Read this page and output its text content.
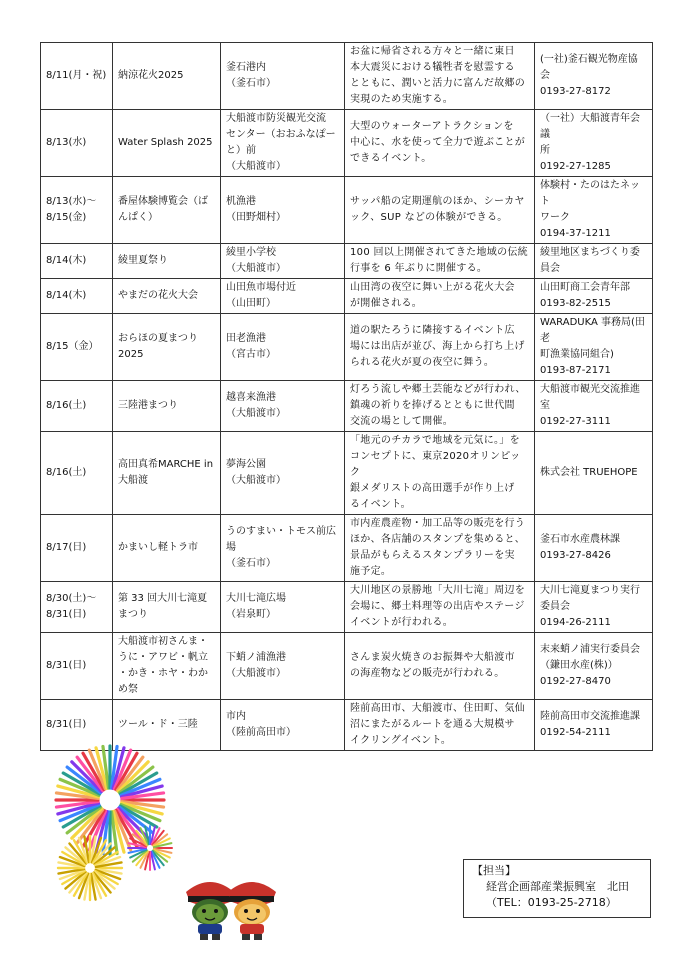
8/11(月・祝)	納涼花火2025	釜石港内
（釜石市）	お盆に帰省される方々と一緒に東日
本大震災における犠牲者を慰霊する
とともに、潤いと活力に富んだ故郷の
実現のため実施する。	(一社)釜石観光物産協
会
0193-27-8172

8/13(水)	Water Splash 2025	大船渡市防災観光交流
センター（おおふなぽー
と）前
（大船渡市）	大型のウォーターアトラクションを
中心に、水を使って全力で遊ぶことが
できるイベント。	（一社）大船渡青年会議
所
0192-27-1285

8/13(水)～
8/15(金)	番屋体験博覧会（ば
んぱく）	机漁港
（田野畑村）	サッパ船の定期運航のほか、シーカヤ
ック、SUP などの体験ができる。	体験村・たのはたネット
ワーク
0194-37-1211

8/14(木)	綾里夏祭り	綾里小学校
（大船渡市）	100 回以上開催されてきた地域の伝統
行事を 6 年ぶりに開催する。	綾里地区まちづくり委
員会

8/14(木)	やまだの花火大会	山田魚市場付近
（山田町）	山田湾の夜空に舞い上がる花火大会
が開催される。	山田町商工会青年部
0193-82-2515

8/15（金）	おらほの夏まつり
2025	田老漁港
（宮古市）	道の駅たろうに隣接するイベント広
場には出店が並び、海上から打ち上げ
られる花火が夏の夜空に舞う。	WARADUKA 事務局(田老
町漁業協同組合)
0193-87-2171

8/16(土)	三陸港まつり	越喜来漁港
（大船渡市）	灯ろう流しや郷土芸能などが行われ、
鎮魂の祈りを捧げるとともに世代間
交流の場として開催。	大船渡市観光交流推進
室
0192-27-3111

8/16(土)	高田真希MARCHE in
大船渡	夢海公園
（大船渡市）	「地元のチカラで地域を元気に。」を
コンセプトに、東京2020オリンピック
銀メダリストの高田選手が作り上げ
るイベント。	株式会社 TRUEHOPE

8/17(日)	かまいし軽トラ市	うのすまい・トモス前広
場
（釜石市）	市内産農産物・加工品等の販売を行う
ほか、各店舗のスタンプを集めると、
景品がもらえるスタンプラリーを実
施予定。	釜石市水産農林課
0193-27-8426

8/30(土)～
8/31(日)	第 33 回大川七滝夏
まつり	大川七滝広場
（岩泉町）	大川地区の景勝地「大川七滝」周辺を
会場に、郷土料理等の出店やステージ
イベントが行われる。	大川七滝夏まつり実行
委員会
0194-26-2111

8/31(日)	大船渡市初さんま・
うに・アワビ・帆立
・かき・ホヤ・わか
め祭	下蛸ノ浦漁港
（大船渡市）	さんま炭火焼きのお振舞や大船渡市
の海産物などの販売が行われる。	末来蛸ノ浦実行委員会
（鎌田水産(株)）
0192-27-8470

8/31(日)	ツール・ド・三陸	市内
（陸前高田市）	陸前高田市、大船渡市、住田町、気仙
沼にまたがるルートを通る大規模サ
イクリングイベント。	陸前高田市交流推進課
0192-54-2111
【担当】
経営企画部産業振興室　北田
（TEL：0193-25-2718）
